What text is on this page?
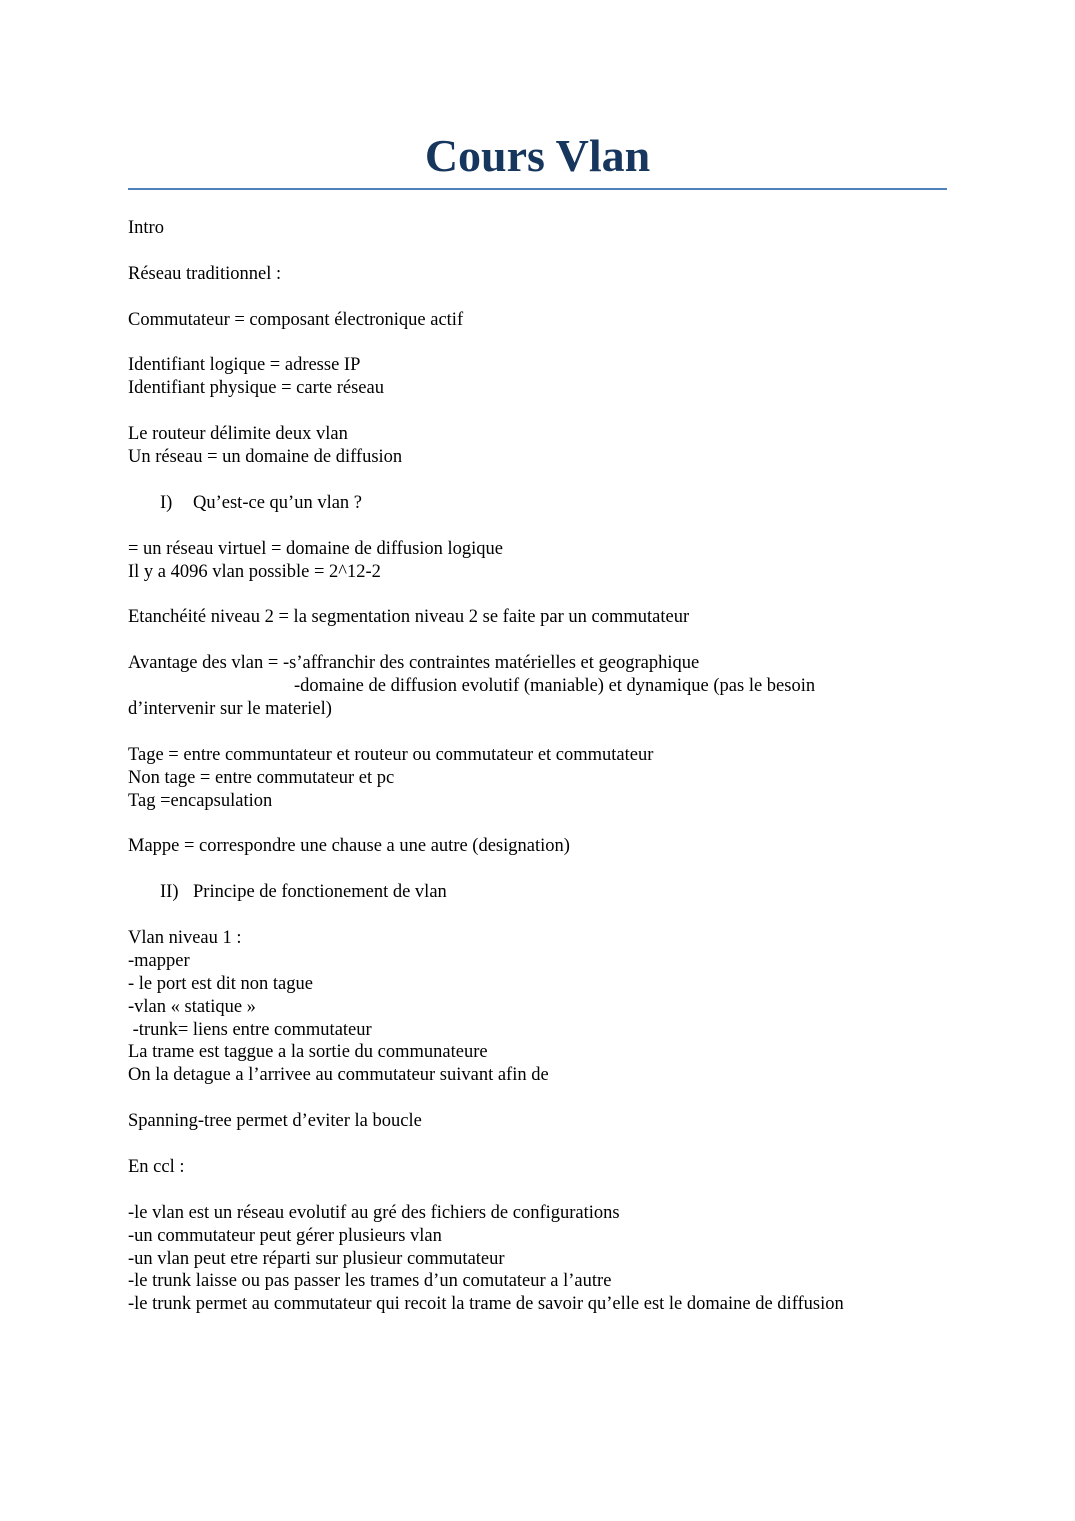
Cours Vlan

Intro

Réseau traditionnel :

Commutateur = composant électronique actif

Identifiant logique = adresse IP

Identifiant physique = carte réseau

Le routeur délimite deux vlan

Un réseau = un domaine de diffusion

I) Qu’est-ce qu’un vlan ?

= un réseau virtuel = domaine de diffusion logique

Il y a 4096 vlan possible = 2^12-2

Etanchéité niveau 2 = la segmentation niveau 2 se faite par un commutateur

Avantage des vlan = -s’affranchir des contraintes matérielles et geographique

-domaine de diffusion evolutif (maniable) et dynamique (pas le besoin

d’intervenir sur le materiel)

Tage = entre communtateur et routeur ou commutateur et commutateur

Non tage = entre commutateur et pc

Tag =encapsulation

Mappe = correspondre une chause a une autre (designation)

II) Principe de fonctionement de vlan

Vlan niveau 1 :

-mapper

- le port est dit non tague

-vlan « statique »

-trunk= liens entre commutateur

La trame est taggue a la sortie du communateure

On la detague a l’arrivee au commutateur suivant afin de

Spanning-tree permet d’eviter la boucle

En ccl :

-le vlan est un réseau evolutif au gré des fichiers de configurations

-un commutateur peut gérer plusieurs vlan

-un vlan peut etre réparti sur plusieur commutateur

-le trunk laisse ou pas passer les trames d’un comutateur a l’autre

-le trunk permet au commutateur qui recoit la trame de savoir qu’elle est le domaine de diffusion
